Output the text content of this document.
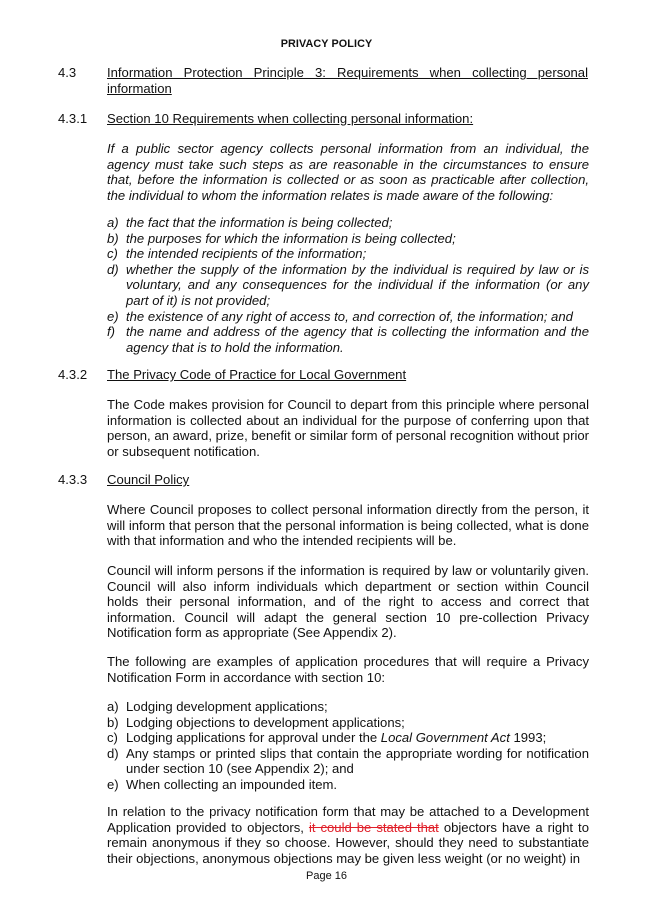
PRIVACY POLICY
4.3 Information Protection Principle 3: Requirements when collecting personal information
4.3.1 Section 10 Requirements when collecting personal information:
If a public sector agency collects personal information from an individual, the agency must take such steps as are reasonable in the circumstances to ensure that, before the information is collected or as soon as practicable after collection, the individual to whom the information relates is made aware of the following:
a) the fact that the information is being collected;
b) the purposes for which the information is being collected;
c) the intended recipients of the information;
d) whether the supply of the information by the individual is required by law or is voluntary, and any consequences for the individual if the information (or any part of it) is not provided;
e) the existence of any right of access to, and correction of, the information; and
f) the name and address of the agency that is collecting the information and the agency that is to hold the information.
4.3.2 The Privacy Code of Practice for Local Government
The Code makes provision for Council to depart from this principle where personal information is collected about an individual for the purpose of conferring upon that person, an award, prize, benefit or similar form of personal recognition without prior or subsequent notification.
4.3.3 Council Policy
Where Council proposes to collect personal information directly from the person, it will inform that person that the personal information is being collected, what is done with that information and who the intended recipients will be.
Council will inform persons if the information is required by law or voluntarily given. Council will also inform individuals which department or section within Council holds their personal information, and of the right to access and correct that information. Council will adapt the general section 10 pre-collection Privacy Notification form as appropriate (See Appendix 2).
The following are examples of application procedures that will require a Privacy Notification Form in accordance with section 10:
a) Lodging development applications;
b) Lodging objections to development applications;
c) Lodging applications for approval under the Local Government Act 1993;
d) Any stamps or printed slips that contain the appropriate wording for notification under section 10 (see Appendix 2); and
e) When collecting an impounded item.
In relation to the privacy notification form that may be attached to a Development Application provided to objectors, it could be stated that objectors have a right to remain anonymous if they so choose. However, should they need to substantiate their objections, anonymous objections may be given less weight (or no weight) in
Page 16
